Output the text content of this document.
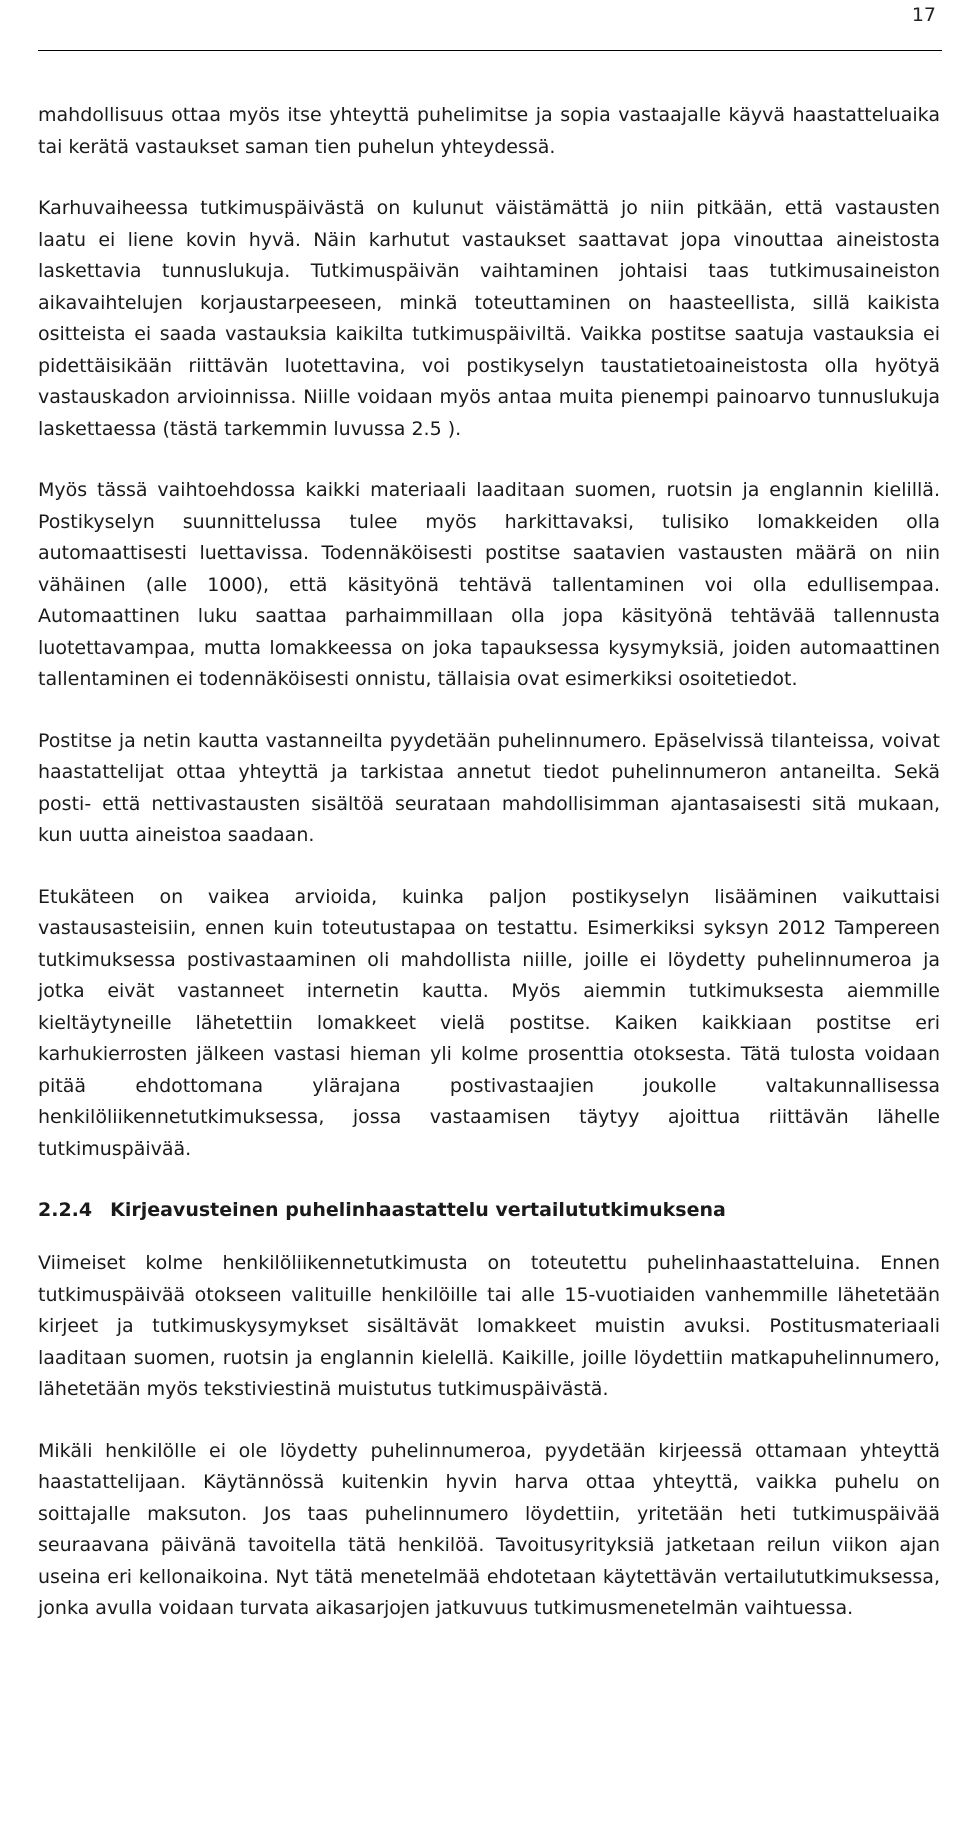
17

mahdollisuus ottaa myös itse yhteyttä puhelimitse ja sopia vastaajalle käyvä haastatteluaika tai kerätä vastaukset saman tien puhelun yhteydessä.

Karhuvaiheessa tutkimuspäivästä on kulunut väistämättä jo niin pitkään, että vastausten laatu ei liene kovin hyvä. Näin karhutut vastaukset saattavat jopa vinouttaa aineistosta laskettavia tunnuslukuja. Tutkimuspäivän vaihtaminen johtaisi taas tutkimusaineiston aikavaihtelujen korjaustarpeeseen, minkä toteuttaminen on haasteellista, sillä kaikista ositteista ei saada vastauksia kaikilta tutkimuspäiviltä. Vaikka postitse saatuja vastauksia ei pidettäisikään riittävän luotettavina, voi postikyselyn taustatietoaineistosta olla hyötyä vastauskadon arvioinnissa. Niille voidaan myös antaa muita pienempi painoarvo tunnuslukuja laskettaessa (tästä tarkemmin luvussa 2.5 ).

Myös tässä vaihtoehdossa kaikki materiaali laaditaan suomen, ruotsin ja englannin kielillä. Postikyselyn suunnittelussa tulee myös harkittavaksi, tulisiko lomakkeiden olla automaattisesti luettavissa. Todennäköisesti postitse saatavien vastausten määrä on niin vähäinen (alle 1000), että käsityönä tehtävä tallentaminen voi olla edullisempaa. Automaattinen luku saattaa parhaimmillaan olla jopa käsityönä tehtävää tallennusta luotettavampaa, mutta lomakkeessa on joka tapauksessa kysymyksiä, joiden automaattinen tallentaminen ei todennäköisesti onnistu, tällaisia ovat esimerkiksi osoitetiedot.

Postitse ja netin kautta vastanneilta pyydetään puhelinnumero. Epäselvissä tilanteissa, voivat haastattelijat ottaa yhteyttä ja tarkistaa annetut tiedot puhelinnumeron antaneilta. Sekä posti- että nettivastausten sisältöä seurataan mahdollisimman ajantasaisesti sitä mukaan, kun uutta aineistoa saadaan.

Etukäteen on vaikea arvioida, kuinka paljon postikyselyn lisääminen vaikuttaisi vastausasteisiin, ennen kuin toteutustapaa on testattu. Esimerkiksi syksyn 2012 Tampereen tutkimuksessa postivastaaminen oli mahdollista niille, joille ei löydetty puhelinnumeroa ja jotka eivät vastanneet internetin kautta. Myös aiemmin tutkimuksesta aiemmille kieltäytyneille lähetettiin lomakkeet vielä postitse. Kaiken kaikkiaan postitse eri karhukierrosten jälkeen vastasi hieman yli kolme prosenttia otoksesta. Tätä tulosta voidaan pitää ehdottomana ylärajana postivastaajien joukolle valtakunnallisessa henkilöliikennetutkimuksessa, jossa vastaamisen täytyy ajoittua riittävän lähelle tutkimuspäivää.

2.2.4 Kirjeavusteinen puhelinhaastattelu vertailututkimuksena

Viimeiset kolme henkilöliikennetutkimusta on toteutettu puhelinhaastatteluina. Ennen tutkimuspäivää otokseen valituille henkilöille tai alle 15-vuotiaiden vanhemmille lähetetään kirjeet ja tutkimuskysymykset sisältävät lomakkeet muistin avuksi. Postitusmateriaali laaditaan suomen, ruotsin ja englannin kielellä. Kaikille, joille löydettiin matkapuhelinnumero, lähetetään myös tekstiviestinä muistutus tutkimuspäivästä.

Mikäli henkilölle ei ole löydetty puhelinnumeroa, pyydetään kirjeessä ottamaan yhteyttä haastattelijaan. Käytännössä kuitenkin hyvin harva ottaa yhteyttä, vaikka puhelu on soittajalle maksuton. Jos taas puhelinnumero löydettiin, yritetään heti tutkimuspäivää seuraavana päivänä tavoitella tätä henkilöä. Tavoitusyrityksiä jatketaan reilun viikon ajan useina eri kellonaikoina. Nyt tätä menetelmää ehdotetaan käytettävän vertailututkimuksessa, jonka avulla voidaan turvata aikasarjojen jatkuvuus tutkimusmenetelmän vaihtuessa.
